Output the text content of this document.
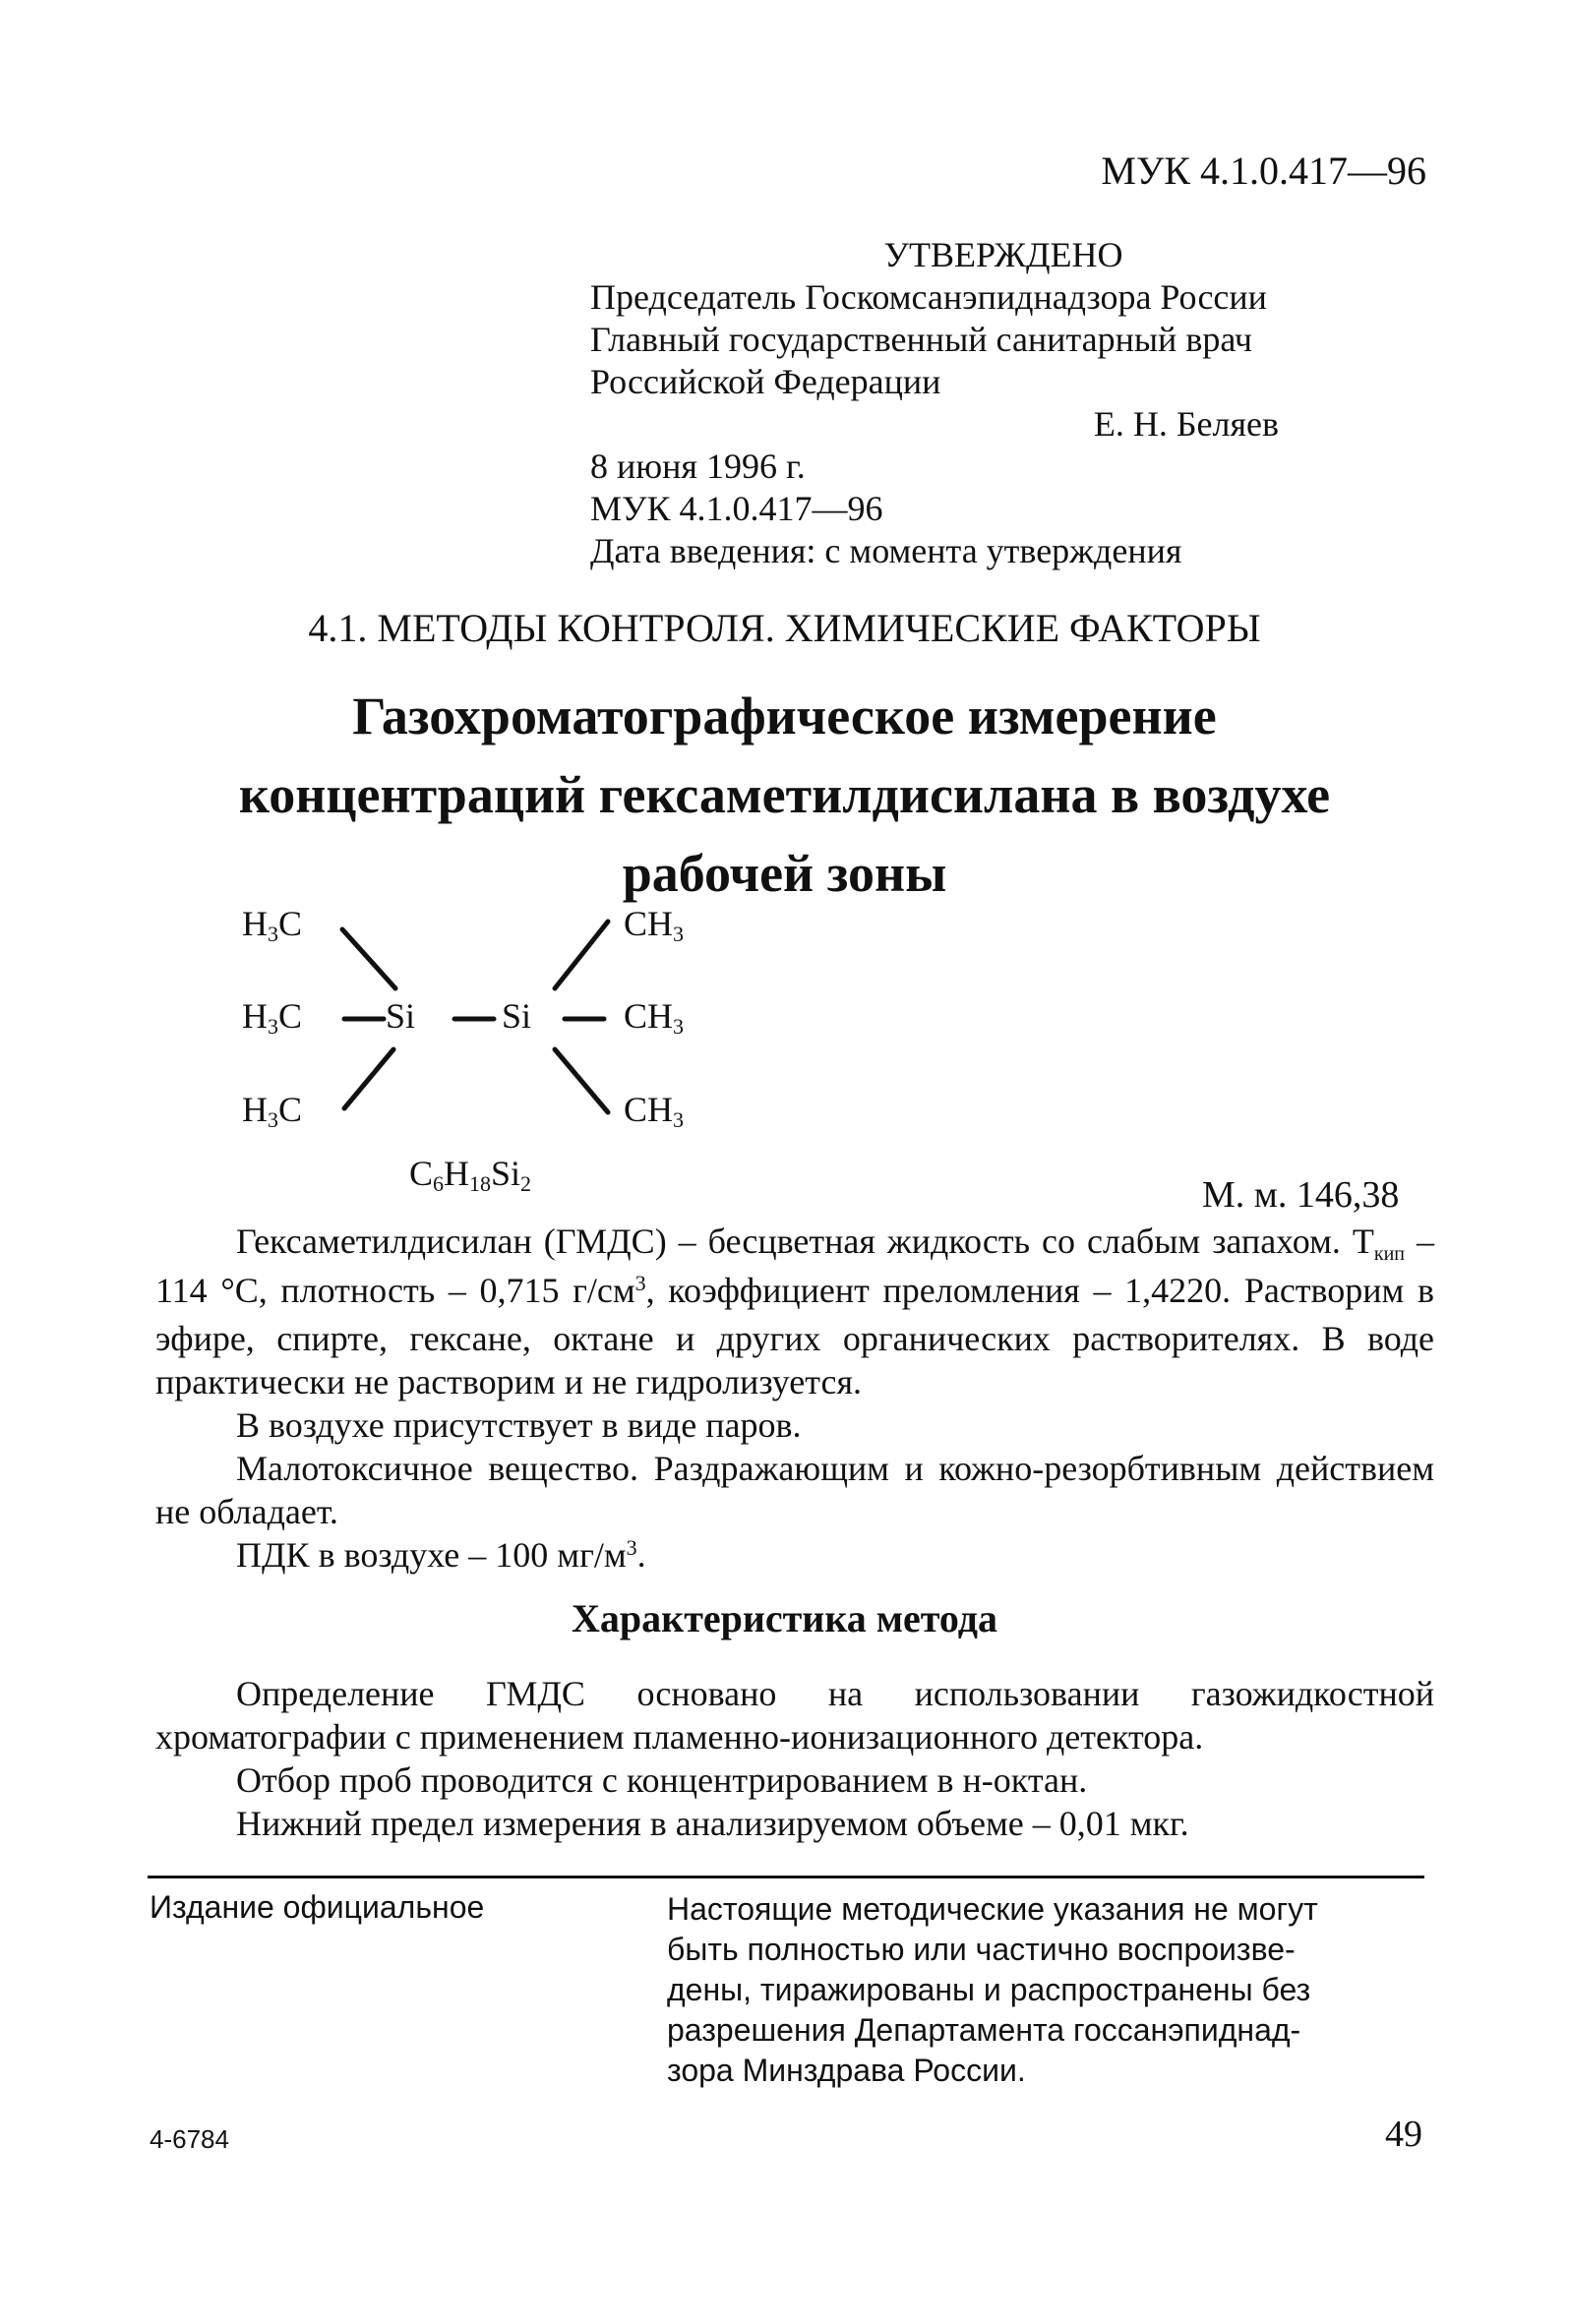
МУК 4.1.0.417—96
УТВЕРЖДЕНО
Председатель Госкомсанэпиднадзора России
Главный государственный санитарный врач
Российской Федерации
Е. Н. Беляев
8 июня 1996 г.
МУК 4.1.0.417—96
Дата введения: с момента утверждения
4.1. МЕТОДЫ КОНТРОЛЯ. ХИМИЧЕСКИЕ ФАКТОРЫ
Газохроматографическое измерение
концентраций гексаметилдисилана в воздухе
рабочей зоны
H3C
H3C
H3C
Si Si
CH3
CH3
CH3
C6H18Si2	М. м. 146,38

Гексаметилдисилан (ГМДС) – бесцветная жидкость со слабым запахом. Ткип – 114 °С, плотность – 0,715 $г/см^3$, коэффициент преломления – 1,4220. Растворим в эфире, спирте, гексане, октане и других органических растворителях. В воде практически не растворим и не гидролизуется.

В воздухе присутствует в виде паров.

Малотоксичное вещество. Раздражающим и кожно-резорбтивным действием не обладает.

ПДК в воздухе – 100 $мг/м^3$.

Характеристика метода

Определение ГМДС основано на использовании газожидкостной хроматографии с применением пламенно-ионизационного детектора.

Отбор проб проводится с концентрированием в н-октан.

Нижний предел измерения в анализируемом объеме – 0,01 мкг.

Издание официальное	Настоящие методические указания не могут
быть полностью или частично воспроизве-
дены, тиражированы и распространены без
разрешения Департамента госсанэпиднад-
зора Минздрава России.
4-6784	49
